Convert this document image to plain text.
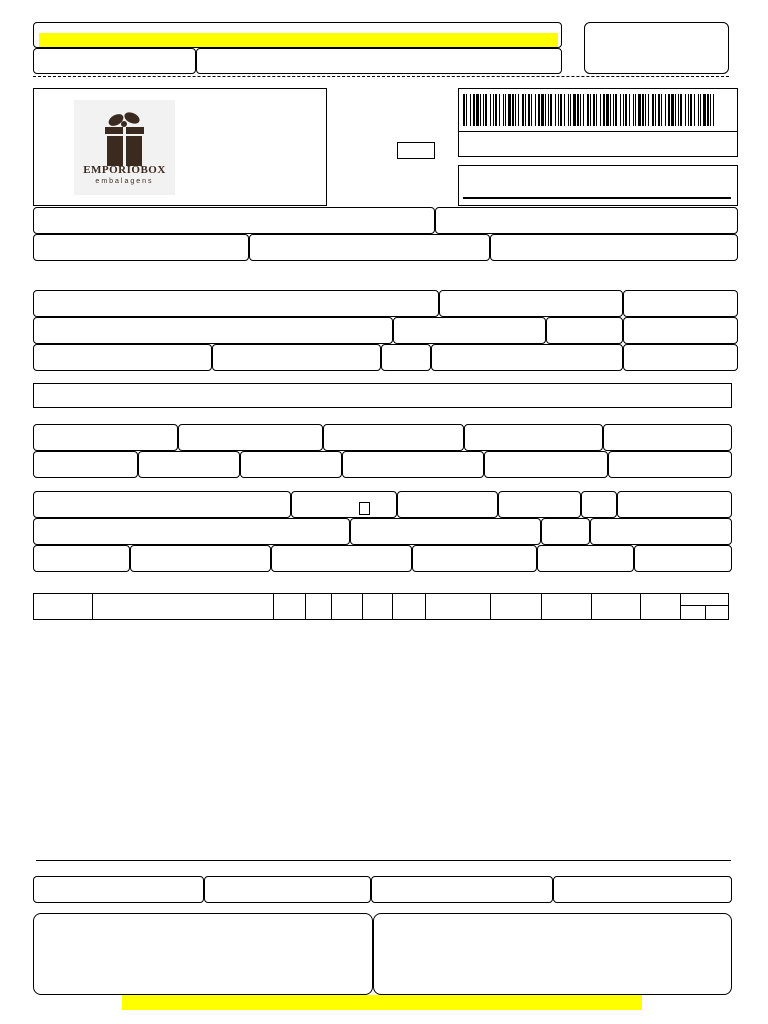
EMPÓRIOBOX
embalagens
